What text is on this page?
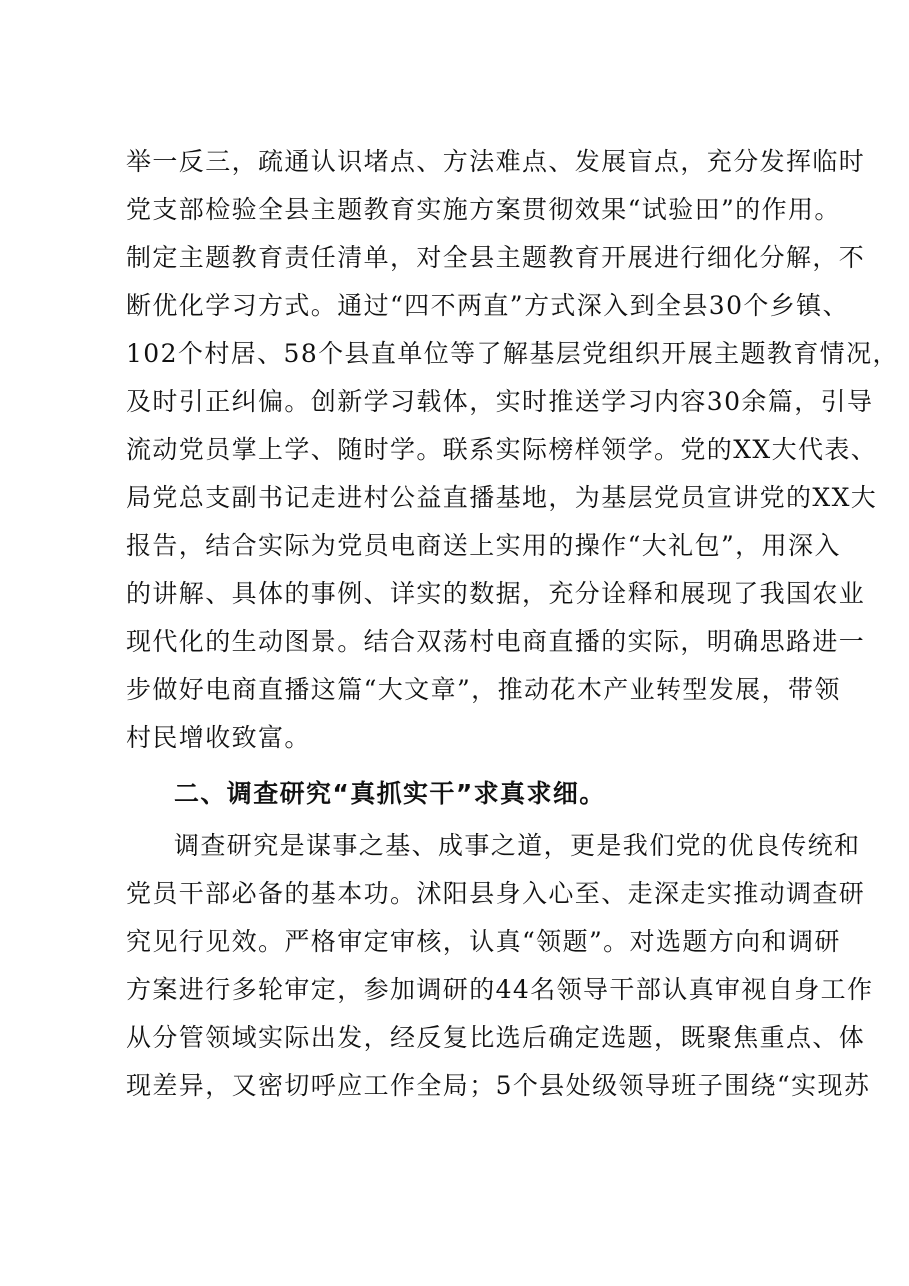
举一反三，疏通认识堵点、方法难点、发展盲点，充分发挥临时
党支部检验全县主题教育实施方案贯彻效果“试验田”的作用。
制定主题教育责任清单，对全县主题教育开展进行细化分解，不
断优化学习方式。通过“四不两直”方式深入到全县30个乡镇、
102个村居、58个县直单位等了解基层党组织开展主题教育情况，
及时引正纠偏。创新学习载体，实时推送学习内容30余篇，引导
流动党员掌上学、随时学。联系实际榜样领学。党的XX大代表、
局党总支副书记走进村公益直播基地，为基层党员宣讲党的XX大
报告，结合实际为党员电商送上实用的操作“大礼包”，用深入
的讲解、具体的事例、详实的数据，充分诠释和展现了我国农业
现代化的生动图景。结合双荡村电商直播的实际，明确思路进一
步做好电商直播这篇“大文章”，推动花木产业转型发展，带领
村民增收致富。
二、调查研究“真抓实干”求真求细。
调查研究是谋事之基、成事之道，更是我们党的优良传统和
党员干部必备的基本功。沭阳县身入心至、走深走实推动调查研
究见行见效。严格审定审核，认真“领题”。对选题方向和调研
方案进行多轮审定，参加调研的44名领导干部认真审视自身工作
从分管领域实际出发，经反复比选后确定选题，既聚焦重点、体
现差异，又密切呼应工作全局；5个县处级领导班子围绕“实现苏
